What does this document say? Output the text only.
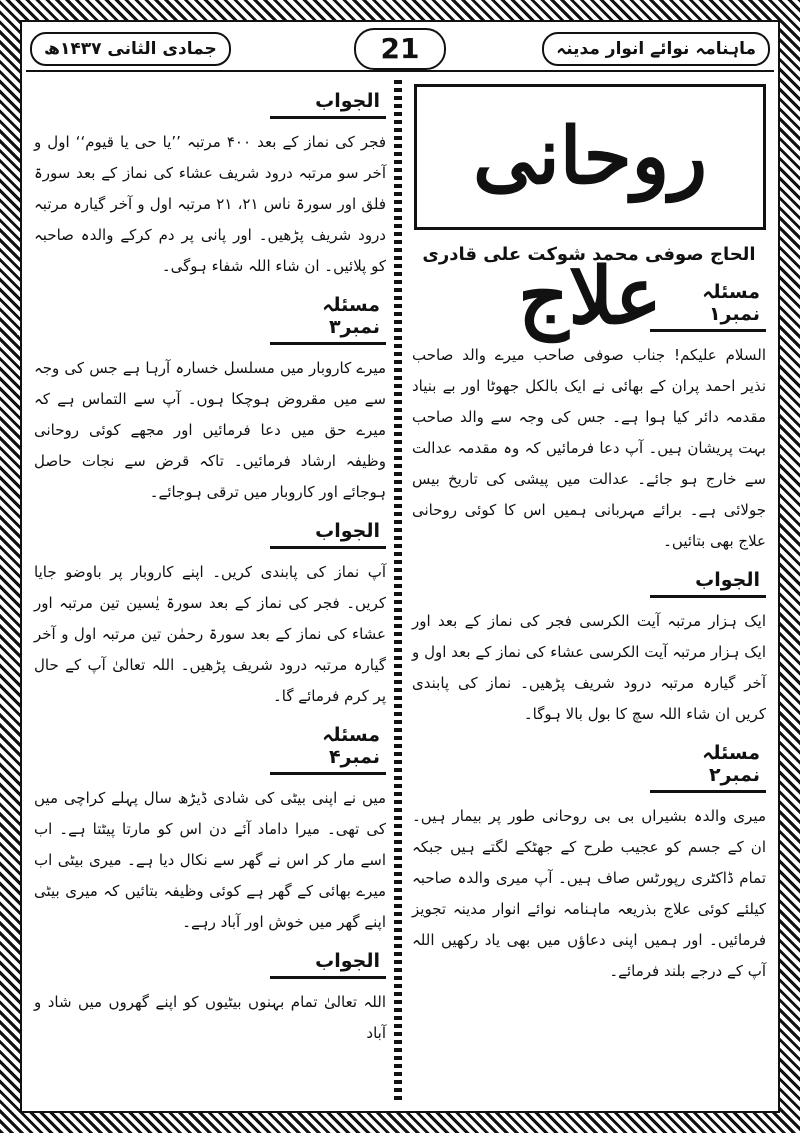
ماہنامہ نوائے انوار مدینہ
21
جمادی الثانی ۱۴۳۷ھ
روحانی علاج
الحاج صوفی محمد شوکت علی قادری
مسئلہ نمبر۱

السلام علیکم! جناب صوفی صاحب میرے والد صاحب نذیر احمد پران کے بھائی نے ایک بالکل جھوٹا اور بے بنیاد مقدمہ دائر کیا ہوا ہے۔ جس کی وجہ سے والد صاحب بہت پریشان ہیں۔ آپ دعا فرمائیں کہ وہ مقدمہ عدالت سے خارج ہو جائے۔ عدالت میں پیشی کی تاریخ بیس جولائی ہے۔ برائے مہربانی ہمیں اس کا کوئی روحانی علاج بھی بتائیں۔

الجواب

ایک ہزار مرتبہ آیت الکرسی فجر کی نماز کے بعد اور ایک ہزار مرتبہ آیت الکرسی عشاء کی نماز کے بعد اول و آخر گیارہ مرتبہ درود شریف پڑھیں۔ نماز کی پابندی کریں ان شاء اللہ سچ کا بول بالا ہوگا۔

مسئلہ نمبر۲

میری والدہ بشیراں بی بی روحانی طور پر بیمار ہیں۔ ان کے جسم کو عجیب طرح کے جھٹکے لگتے ہیں جبکہ تمام ڈاکٹری رپورٹس صاف ہیں۔ آپ میری والدہ صاحبہ کیلئے کوئی علاج بذریعہ ماہنامہ نوائے انوار مدینہ تجویز فرمائیں۔ اور ہمیں اپنی دعاؤں میں بھی یاد رکھیں اللہ آپ کے درجے بلند فرمائے۔

الجواب

فجر کی نماز کے بعد ۴۰۰ مرتبہ ’’یا حی یا قیوم‘‘ اول و آخر سو مرتبہ درود شریف عشاء کی نماز کے بعد سورۃ فلق اور سورۃ ناس ۲۱، ۲۱ مرتبہ اول و آخر گیارہ مرتبہ درود شریف پڑھیں۔ اور پانی پر دم کرکے والدہ صاحبہ کو پلائیں۔ ان شاء اللہ شفاء ہوگی۔

مسئلہ نمبر۳

میرے کاروبار میں مسلسل خسارہ آرہا ہے جس کی وجہ سے میں مقروض ہوچکا ہوں۔ آپ سے التماس ہے کہ میرے حق میں دعا فرمائیں اور مجھے کوئی روحانی وظیفہ ارشاد فرمائیں۔ تاکہ قرض سے نجات حاصل ہوجائے اور کاروبار میں ترقی ہوجائے۔

الجواب

آپ نماز کی پابندی کریں۔ اپنے کاروبار پر باوضو جایا کریں۔ فجر کی نماز کے بعد سورۃ یٰسین تین مرتبہ اور عشاء کی نماز کے بعد سورۃ رحمٰن تین مرتبہ اول و آخر گیارہ مرتبہ درود شریف پڑھیں۔ اللہ تعالیٰ آپ کے حال پر کرم فرمائے گا۔

مسئلہ نمبر۴

میں نے اپنی بیٹی کی شادی ڈیڑھ سال پہلے کراچی میں کی تھی۔ میرا داماد آئے دن اس کو مارتا پیٹتا ہے۔ اب اسے مار کر اس نے گھر سے نکال دیا ہے۔ میری بیٹی اب میرے بھائی کے گھر ہے کوئی وظیفہ بتائیں کہ میری بیٹی اپنے گھر میں خوش اور آباد رہے۔

الجواب

اللہ تعالیٰ تمام بہنوں بیٹیوں کو اپنے گھروں میں شاد و آباد
